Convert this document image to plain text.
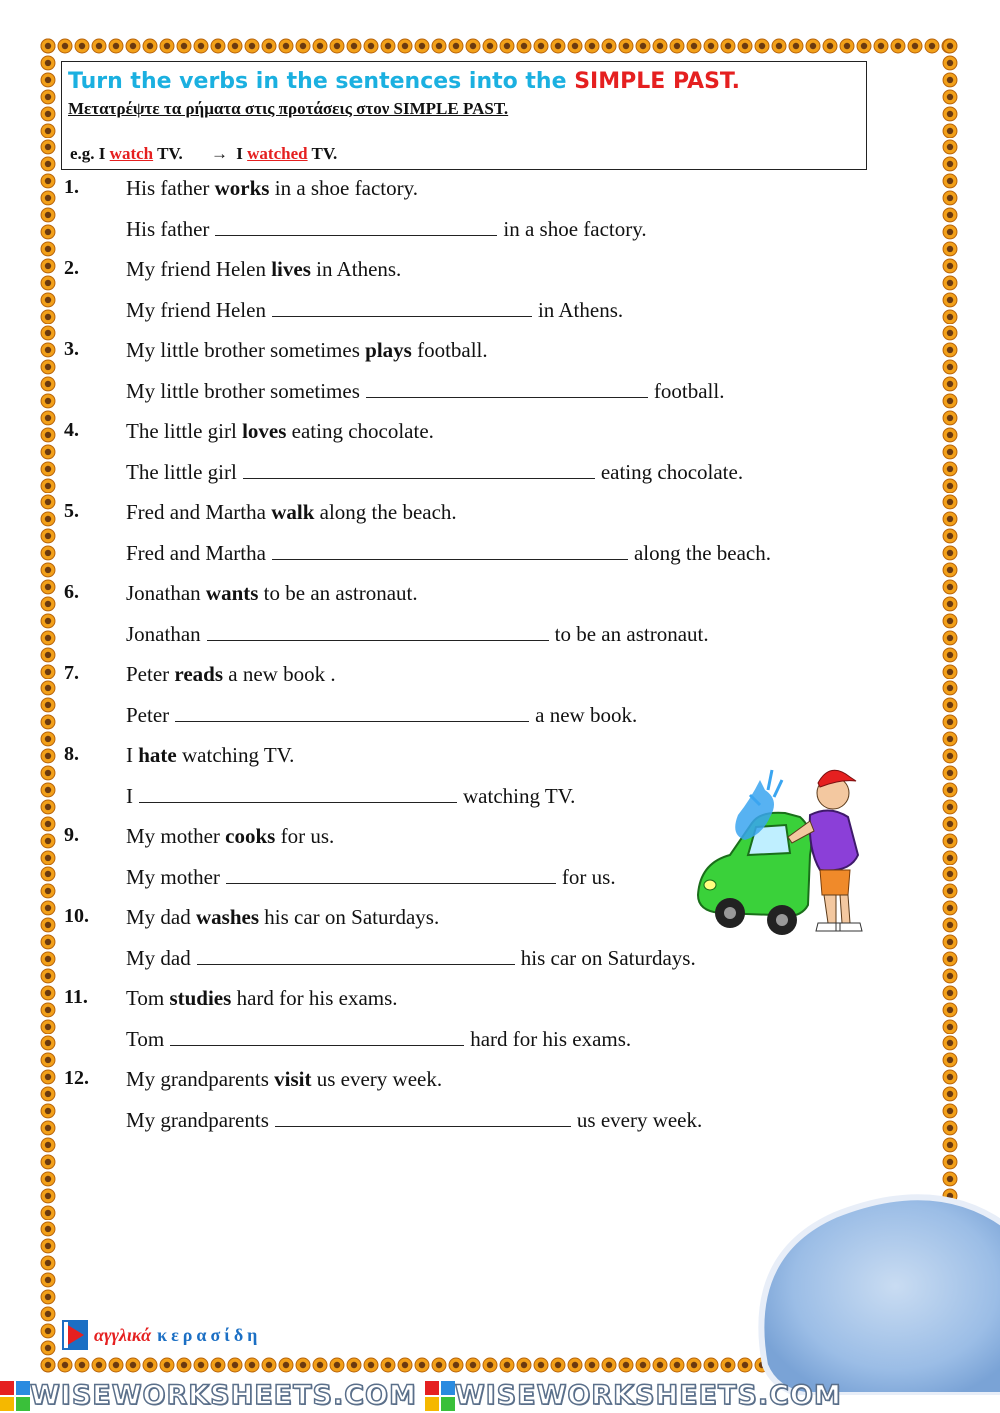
Turn the verbs in the sentences into the SIMPLE PAST.
Μετατρέψτε τα ρήματα στις προτάσεις στον SIMPLE PAST.
e.g. I watch TV. → I watched TV.
1. His father works in a shoe factory.
His father	in a shoe factory.
2. My friend Helen lives in Athens.
My friend Helen	in Athens.
3. My little brother sometimes plays football.
My little brother sometimes	football.
4. The little girl loves eating chocolate.
The little girl	eating chocolate.
5. Fred and Martha walk along the beach.
Fred and Martha	along the beach.
6. Jonathan wants to be an astronaut.
Jonathan	to be an astronaut.
7. Peter reads a new book .
Peter	a new book.
8. I hate watching TV.
I	watching TV.
9. My mother cooks for us.
My mother	for us.
10. My dad washes his car on Saturdays.
My dad	his car on Saturdays.
11. Tom studies hard for his exams.
Tom	hard for his exams.
12. My grandparents visit us every week.
My grandparents	us every week.
αγγλικά κερασίδη
WISEWORKSHEETS.COM WISEWORKSHEETS.COM
